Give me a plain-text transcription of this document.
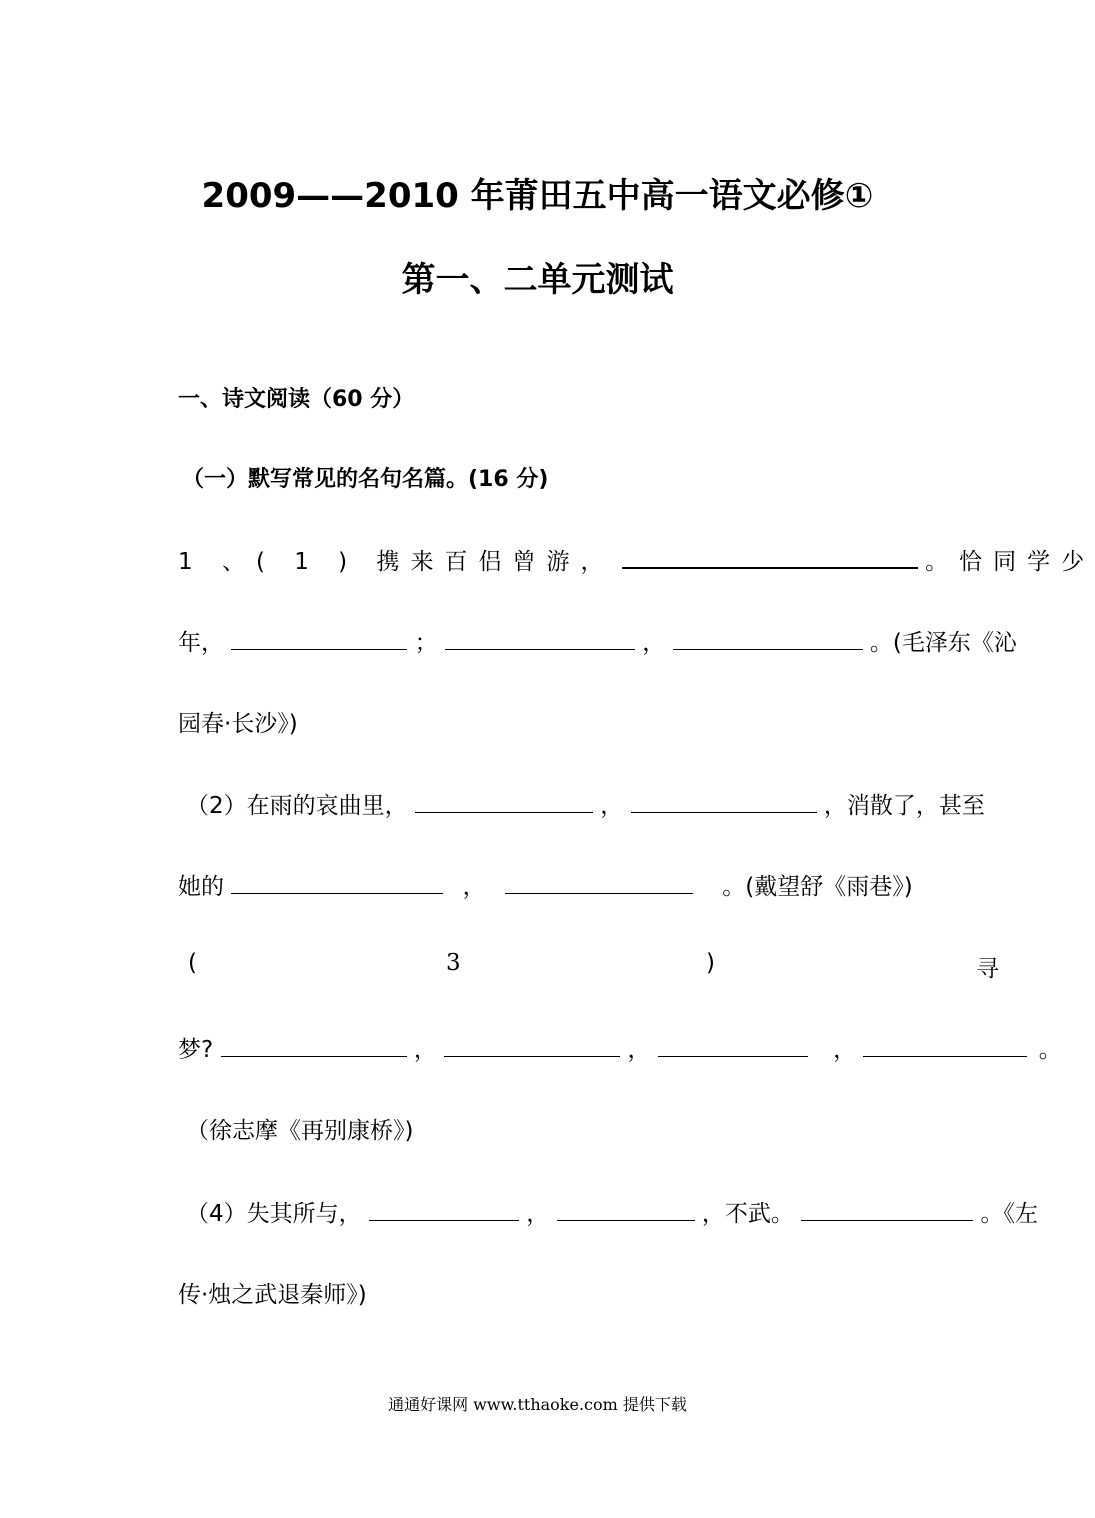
2009——2010 年莆田五中高一语文必修①
第一、二单元测试
一、诗文阅读（60 分）
（一）默写常见的名句名篇。(16 分)
1 、( 1 ) 携来百侣曾游，	。恰同学少
年，	；	，	。(毛泽东《沁
园春·长沙》)
（2）在雨的哀曲里，	，	，消散了，甚至
她的	，	。(戴望舒《雨巷》)
(	3	)	寻
梦?	，	，	，	。
（徐志摩《再别康桥》)
（4）失其所与，	，	，不武。	。《左
传·烛之武退秦师》)
通通好课网 www.tthaoke.com 提供下载
